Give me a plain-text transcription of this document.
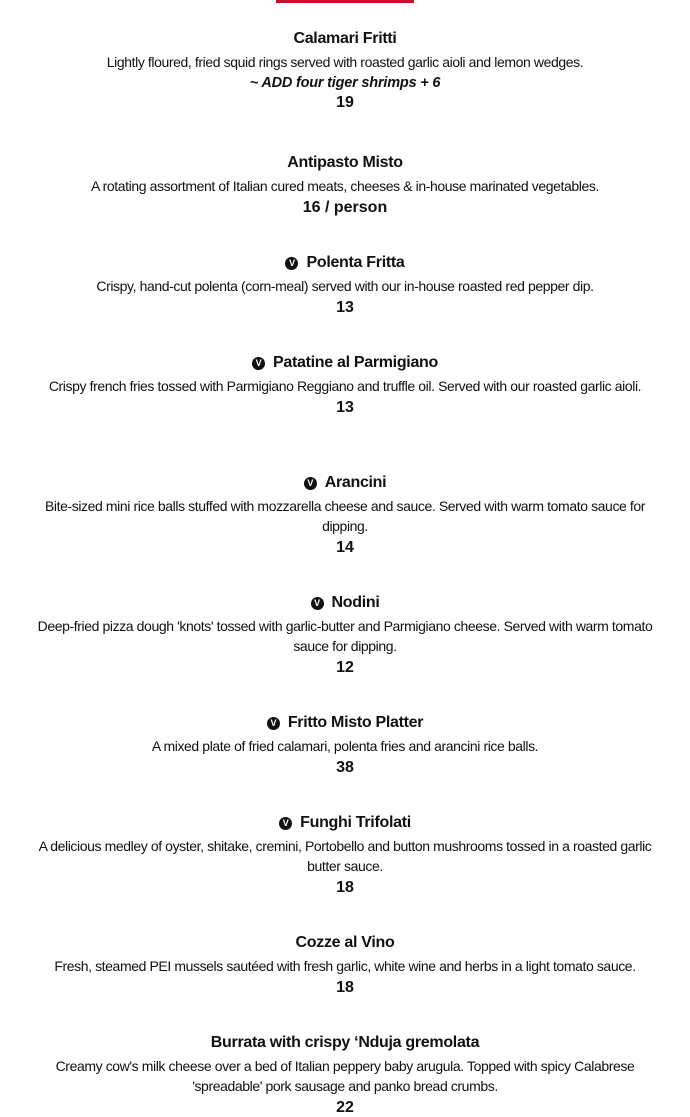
Calamari Fritti
Lightly floured, fried squid rings served with roasted garlic aioli and lemon wedges.
~ ADD four tiger shrimps + 6
19
Antipasto Misto
A rotating assortment of Italian cured meats, cheeses & in-house marinated vegetables.
16 / person
V Polenta Fritta
Crispy, hand-cut polenta (corn-meal) served with our in-house roasted red pepper dip.
13
V Patatine al Parmigiano
Crispy french fries tossed with Parmigiano Reggiano and truffle oil. Served with our roasted garlic aioli.
13
V Arancini
Bite-sized mini rice balls stuffed with mozzarella cheese and sauce. Served with warm tomato sauce for dipping.
14
V Nodini
Deep-fried pizza dough 'knots' tossed with garlic-butter and Parmigiano cheese. Served with warm tomato sauce for dipping.
12
V Fritto Misto Platter
A mixed plate of fried calamari, polenta fries and arancini rice balls.
38
V Funghi Trifolati
A delicious medley of oyster, shitake, cremini, Portobello and button mushrooms tossed in a roasted garlic butter sauce.
18
Cozze al Vino
Fresh, steamed PEI mussels sautéed with fresh garlic, white wine and herbs in a light tomato sauce.
18
Burrata with crispy ‘Nduja gremolata
Creamy cow's milk cheese over a bed of Italian peppery baby arugula. Topped with spicy Calabrese 'spreadable' pork sausage and panko bread crumbs.
22
